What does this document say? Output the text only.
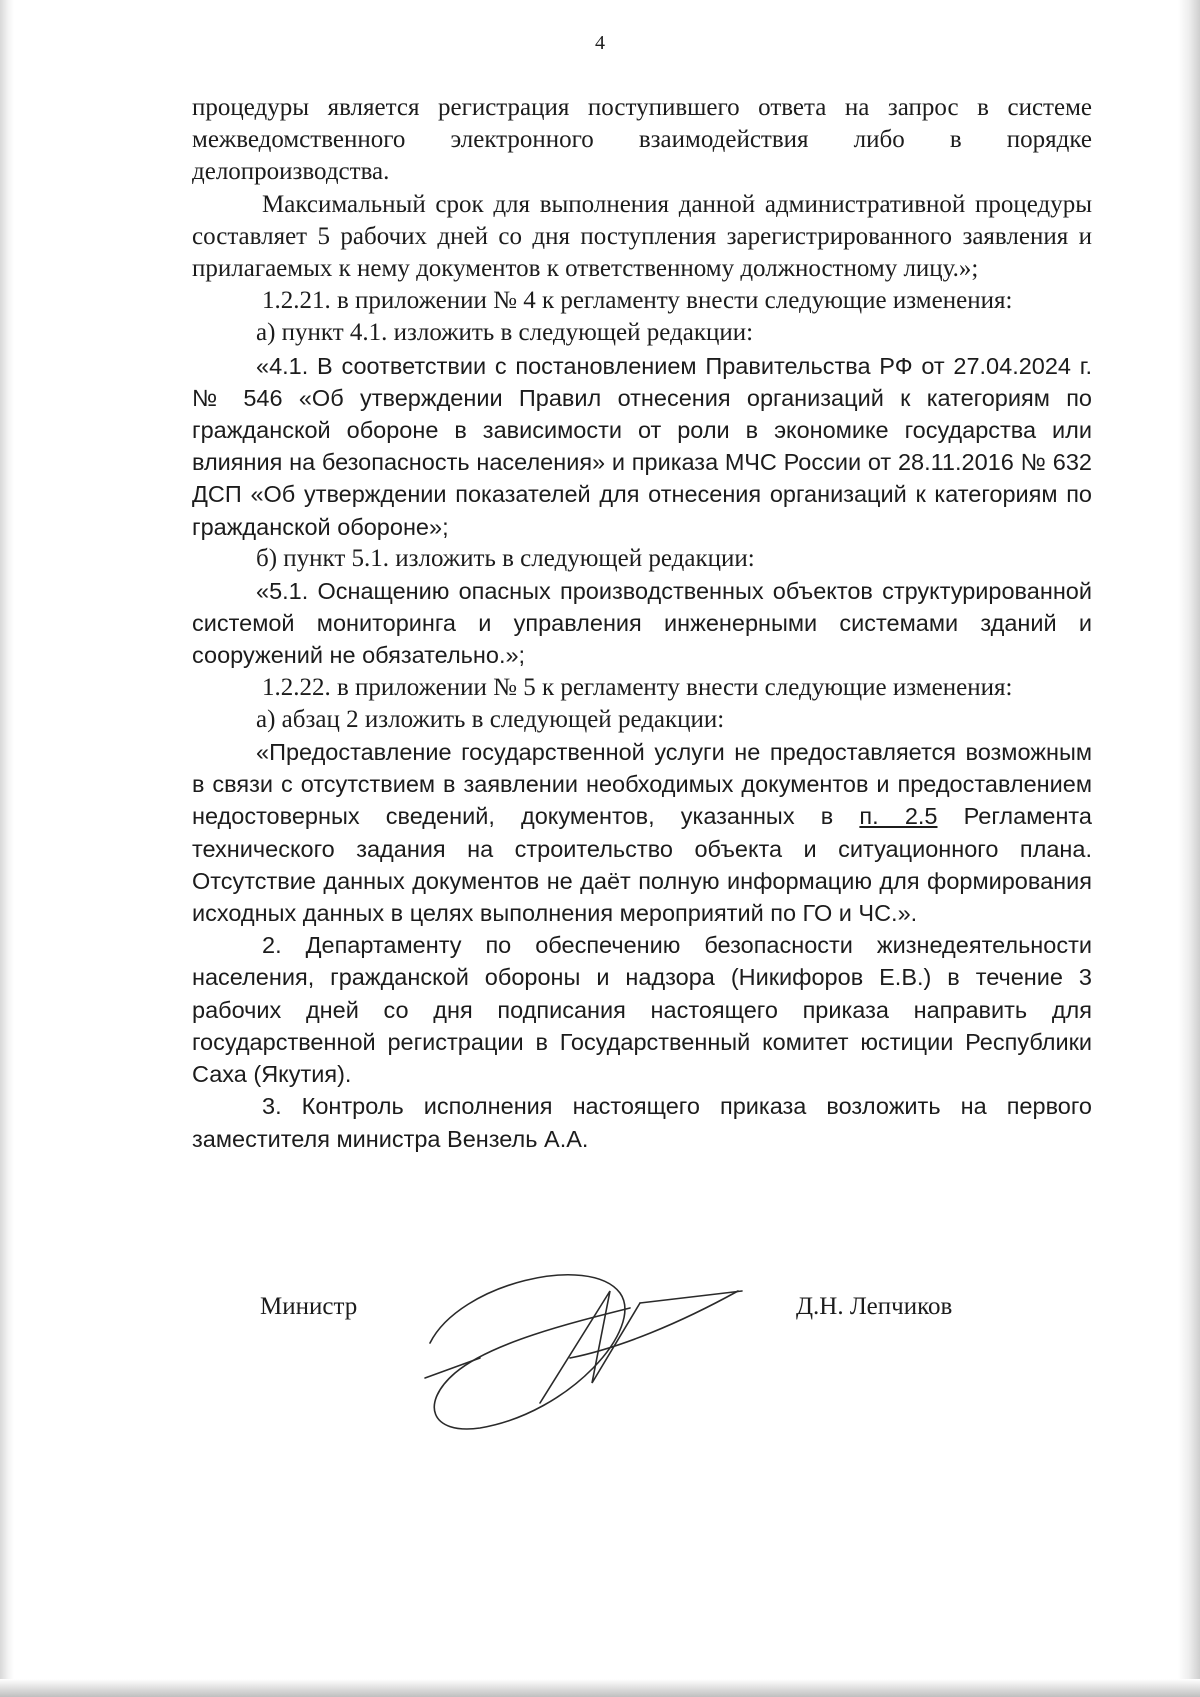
4

процедуры является регистрация поступившего ответа на запрос в системе межведомственного электронного взаимодействия либо в порядке делопроизводства.

Максимальный срок для выполнения данной административной процедуры составляет 5 рабочих дней со дня поступления зарегистрированного заявления и прилагаемых к нему документов к ответственному должностному лицу.»;

1.2.21. в приложении № 4 к регламенту внести следующие изменения:

а) пункт 4.1. изложить в следующей редакции:

«4.1. В соответствии с постановлением Правительства РФ от 27.04.2024 г. № 546 «Об утверждении Правил отнесения организаций к категориям по гражданской обороне в зависимости от роли в экономике государства или влияния на безопасность населения» и приказа МЧС России от 28.11.2016 № 632 ДСП «Об утверждении показателей для отнесения организаций к категориям по гражданской обороне»;

б) пункт 5.1. изложить в следующей редакции:

«5.1. Оснащению опасных производственных объектов структурированной системой мониторинга и управления инженерными системами зданий и сооружений не обязательно.»;

1.2.22. в приложении № 5 к регламенту внести следующие изменения:

а) абзац 2 изложить в следующей редакции:

«Предоставление государственной услуги не предоставляется возможным в связи с отсутствием в заявлении необходимых документов и предоставлением недостоверных сведений, документов, указанных в п. 2.5 Регламента технического задания на строительство объекта и ситуационного плана. Отсутствие данных документов не даёт полную информацию для формирования исходных данных в целях выполнения мероприятий по ГО и ЧС.».

2. Департаменту по обеспечению безопасности жизнедеятельности населения, гражданской обороны и надзора (Никифоров Е.В.) в течение 3 рабочих дней со дня подписания настоящего приказа направить для государственной регистрации в Государственный комитет юстиции Республики Саха (Якутия).

3. Контроль исполнения настоящего приказа возложить на первого заместителя министра Вензель А.А.

Министр	Д.Н. Лепчиков
